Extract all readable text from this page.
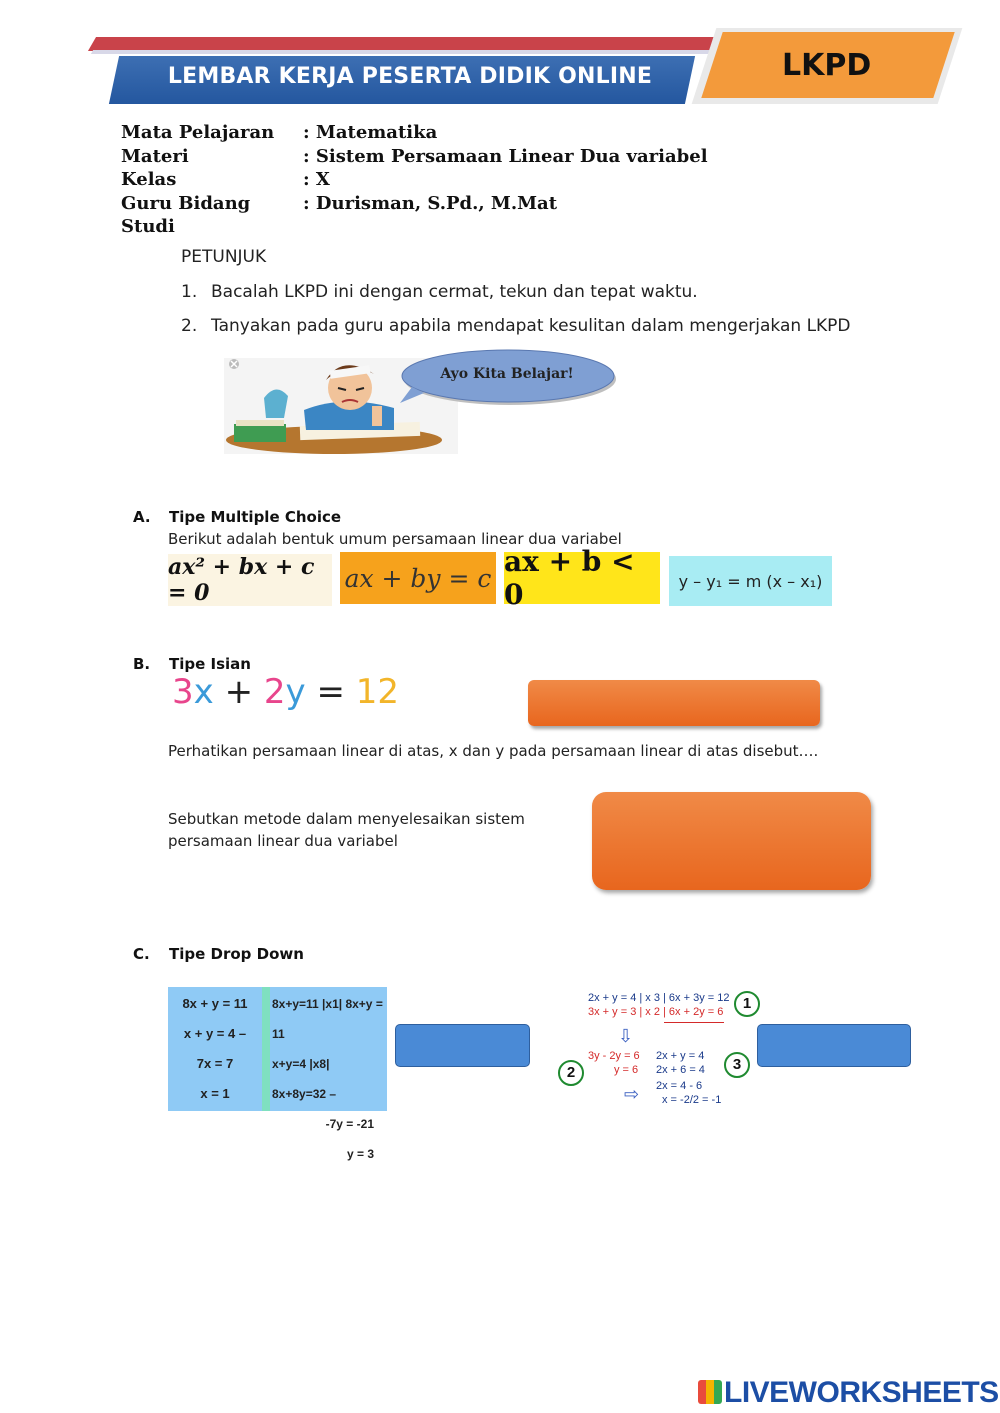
LEMBAR KERJA PESERTA DIDIK ONLINE	LKPD
Mata Pelajaran	: Matematika
Materi	: Sistem Persamaan Linear Dua variabel
Kelas	: X
Guru Bidang Studi
: Durisman, S.Pd., M.Mat
PETUNJUK
1. Bacalah LKPD ini dengan cermat, tekun dan tepat waktu.
2. Tanyakan pada guru apabila mendapat kesulitan dalam mengerjakan LKPD
Ayo Kita Belajar!
A. Tipe Multiple Choice
Berikut adalah bentuk umum persamaan linear dua variabel
ax² + bx + c = 0
ax + by = c ax + b < 0	y – y₁ = m (x – x₁)
B. Tipe Isian
3x + 2y = 12
Perhatikan persamaan linear di atas, x dan y pada persamaan linear di atas disebut….
Sebutkan metode dalam menyelesaikan sistem
persamaan linear dua variabel
C. Tipe Drop Down
8x + y = 11
x + y = 4 –
7x = 7
x = 1
8x+y=11 |x1| 8x+y = 11
x+y=4 |x8| 8x+8y=32 –
-7y = -21
y = 3
2x + y = 4 | x 3 | 6x + 3y = 12
3x + y = 3 | x 2 | 6x + 2y = 6	1
⇩
3y - 2y = 6
y = 6
2
2x + y = 4
2x + 6 = 4	3
2x = 4 - 6
x = -2/2 = -1
⇨
LIVEWORKSHEETS
